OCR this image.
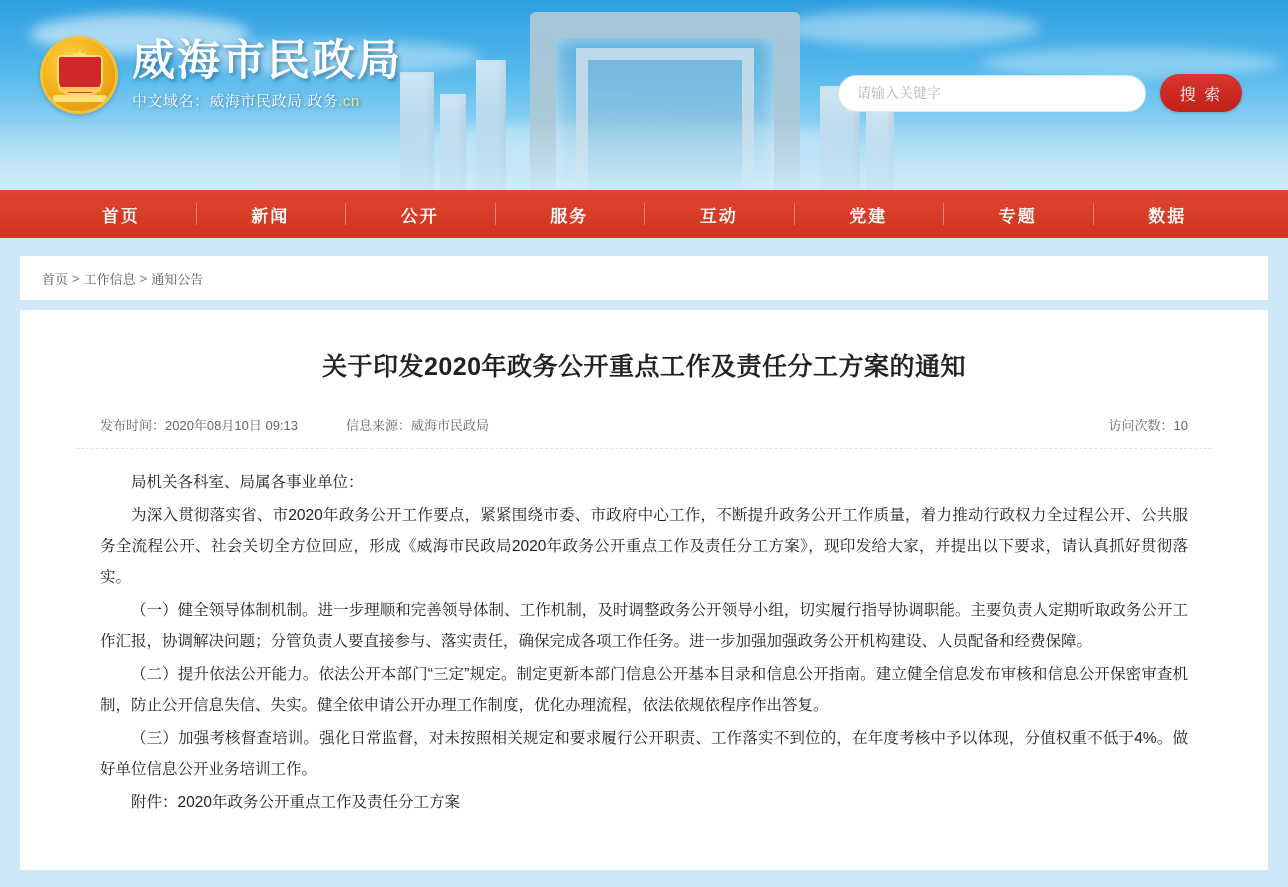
威海市民政局
中文域名：威海市民政局.政务.cn
请输入关键字	搜 索
首页	新闻	公开	服务	互动	党建	专题	数据
首页 > 工作信息 > 通知公告
关于印发2020年政务公开重点工作及责任分工方案的通知
发布时间：2020年08月10日 09:13	信息来源：威海市民政局	访问次数：10

局机关各科室、局属各事业单位：

为深入贯彻落实省、市2020年政务公开工作要点，紧紧围绕市委、市政府中心工作，不断提升政务公开工作质量，着力推动行政权力全过程公开、公共服务全流程公开、社会关切全方位回应，形成《威海市民政局2020年政务公开重点工作及责任分工方案》，现印发给大家，并提出以下要求，请认真抓好贯彻落实。

（一）健全领导体制机制。进一步理顺和完善领导体制、工作机制，及时调整政务公开领导小组，切实履行指导协调职能。主要负责人定期听取政务公开工作汇报，协调解决问题；分管负责人要直接参与、落实责任，确保完成各项工作任务。进一步加强加强政务公开机构建设、人员配备和经费保障。

（二）提升依法公开能力。依法公开本部门“三定”规定。制定更新本部门信息公开基本目录和信息公开指南。建立健全信息发布审核和信息公开保密审查机制，防止公开信息失信、失实。健全依申请公开办理工作制度，优化办理流程，依法依规依程序作出答复。

（三）加强考核督查培训。强化日常监督，对未按照相关规定和要求履行公开职责、工作落实不到位的，在年度考核中予以体现，分值权重不低于4%。做好单位信息公开业务培训工作。

附件：2020年政务公开重点工作及责任分工方案
